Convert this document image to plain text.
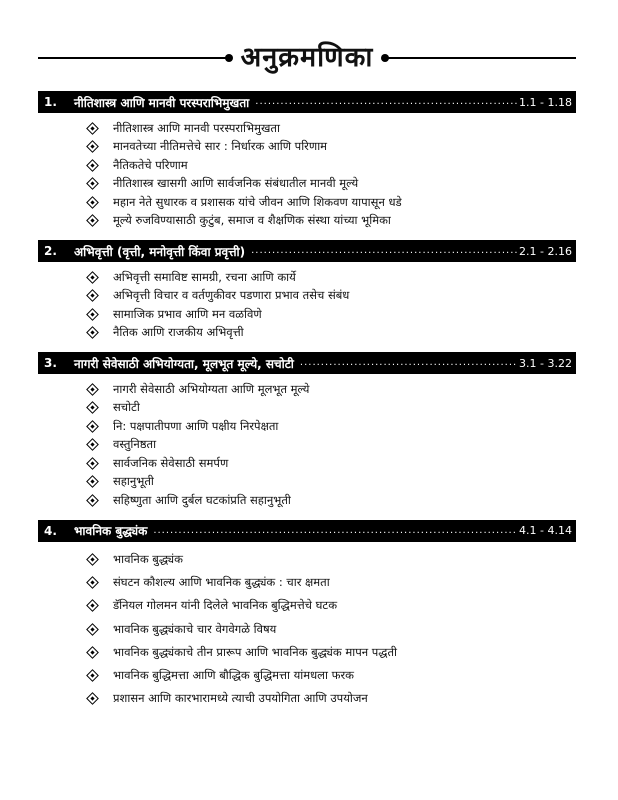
अनुक्रमणिका
1.	नीतिशास्त्र आणि मानवी परस्पराभिमुखता .....	1.1 - 1.18
नीतिशास्त्र आणि मानवी परस्पराभिमुखता
मानवतेच्या नीतिमत्तेचे सार : निर्धारक आणि परिणाम
नैतिकतेचे परिणाम
नीतिशास्त्र खासगी आणि सार्वजनिक संबंधातील मानवी मूल्ये
महान नेते सुधारक व प्रशासक यांचे जीवन आणि शिकवण यापासून धडे
मूल्ये रुजविण्यासाठी कुटुंब, समाज व शैक्षणिक संस्था यांच्या भूमिका
2.	अभिवृत्ती (वृत्ती, मनोवृत्ती किंवा प्रवृत्ती) .....	2.1 - 2.16
अभिवृत्ती समाविष्ट सामग्री, रचना आणि कार्ये
अभिवृत्ती विचार व वर्तणुकीवर पडणारा प्रभाव तसेच संबंध
सामाजिक प्रभाव आणि मन वळविणे
नैतिक आणि राजकीय अभिवृत्ती
3.	नागरी सेवेसाठी अभियोग्यता, मूलभूत मूल्ये, सचोटी .....	3.1 - 3.22
नागरी सेवेसाठी अभियोग्यता आणि मूलभूत मूल्ये
सचोटी
नि: पक्षपातीपणा आणि पक्षीय निरपेक्षता
वस्तुनिष्ठता
सार्वजनिक सेवेसाठी समर्पण
सहानुभूती
सहिष्णुता आणि दुर्बल घटकांप्रति सहानुभूती
4.	भावनिक बुद्ध्यंक .....	4.1 - 4.14
भावनिक बुद्ध्यंक
संघटन कौशल्य आणि भावनिक बुद्ध्यंक : चार क्षमता
डॅनियल गोलमन यांनी दिलेले भावनिक बुद्धिमत्तेचे घटक
भावनिक बुद्ध्यंकाचे चार वेगवेगळे विषय
भावनिक बुद्ध्यंकाचे तीन प्रारूप आणि भावनिक बुद्ध्यंक मापन पद्धती
भावनिक बुद्धिमत्ता आणि बौद्धिक बुद्धिमत्ता यांमधला फरक
प्रशासन आणि कारभारामध्ये त्याची उपयोगिता आणि उपयोजन
